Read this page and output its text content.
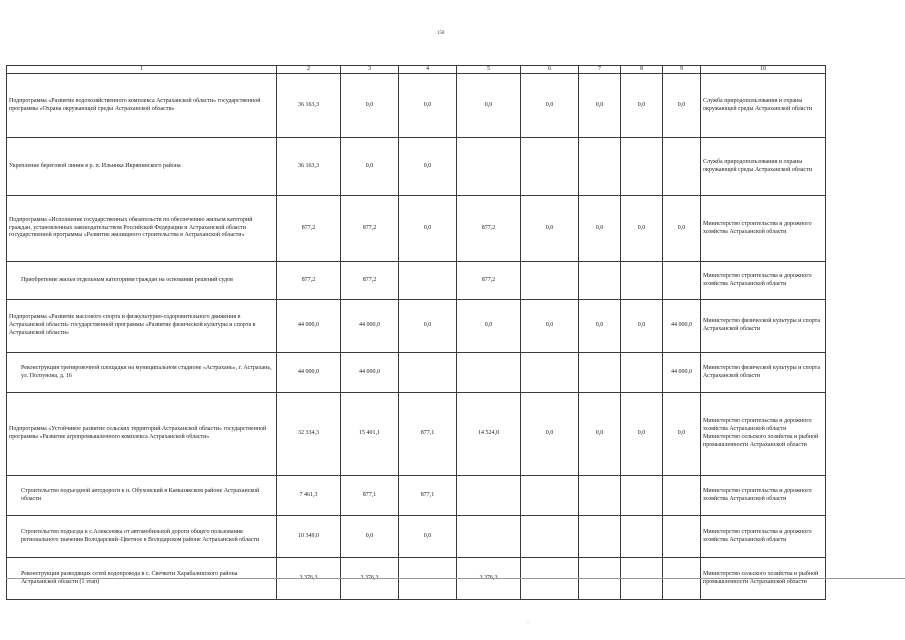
158
1	2	3	4	5	6	7	8	9	10
Подпрограмма «Развитие водохозяйственного комплекса Астраханской области» государственной программы «Охрана окружающей среды Астраханской области»	36 163,3	0,0	0,0	0,0	0,0	0,0	0,0	0,0	Служба природопользования и охраны окружающей среды Астраханской области
Укрепление береговой линии в р. п. Ильинка Икрянинского района	36 163,3	0,0	0,0						Служба природопользования и охраны окружающей среды Астраханской области
Подпрограмма «Исполнение государственных обязательств по обеспечению жильем категорий граждан, установленных законодательством Российской Федерации и Астраханской области государственной программы «Развитие жилищного строительства в Астраханской области»	877,2	877,2	0,0	877,2	0,0	0,0	0,0	0,0	Министерство строительства и дорожного хозяйства Астраханской области
Приобретение жилья отдельным категориям граждан на основании решений судов	877,2	877,2		877,2					Министерство строительства и дорожного хозяйства Астраханской области
Подпрограмма «Развитие массового спорта и физкультурно-оздоровительного движения в Астраханской области» государственной программы «Развитие физической культуры и спорта в Астраханской области»	44 000,0	44 000,0	0,0	0,0	0,0	0,0	0,0	44 000,0	Министерство физической культуры и спорта Астраханской области
Реконструкция тренировочной площадки на муниципальном стадионе «Астрахань», г. Астрахань, ул. Ползунова, д. 16	44 000,0	44 000,0						44 000,0	Министерство физической культуры и спорта Астраханской области
Подпрограмма «Устойчивое развитие сельских территорий Астраханской области» государственной программы «Развитие агропромышленного комплекса Астраханской области»	32 334,3	15 401,1	877,1	14 524,0	0,0	0,0	0,0	0,0	Министерство строительства и дорожного хозяйства Астраханской области Министерство сельского хозяйства и рыбной промышленности Астраханской области
Строительство подъездной автодороги к п. Обуховский в Камызякском районе Астраханской области	7 461,3	877,1	877,1						Министерство строительства и дорожного хозяйства Астраханской области
Строительство подъезда к с.Алексеевка от автомобильной дороги общего пользования регионального значения Володарский–Цветное в Володарском районе Астраханской области	10 349,0	0,0	0,0						Министерство строительства и дорожного хозяйства Астраханской области
Реконструкция разводящих сетей водопровода в с. Свечкоти Харабалинского района Астраханской области (1 этап)	3 376,3	3 376,3		3 376,3					Министерство сельского хозяйства и рыбной промышленности Астраханской области
·
